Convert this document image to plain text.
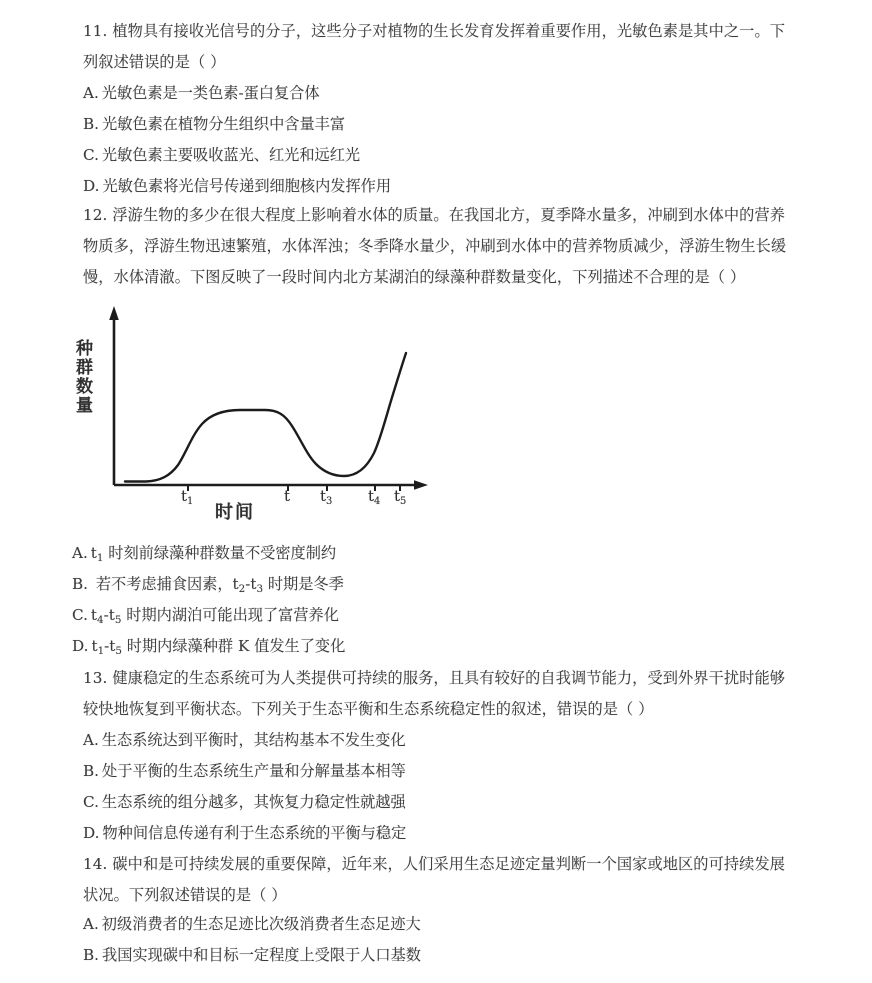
11. 植物具有接收光信号的分子，这些分子对植物的生长发育发挥着重要作用，光敏色素是其中之一。下
列叙述错误的是（ ）
A. 光敏色素是一类色素-蛋白复合体
B. 光敏色素在植物分生组织中含量丰富
C. 光敏色素主要吸收蓝光、红光和远红光
D. 光敏色素将光信号传递到细胞核内发挥作用
12. 浮游生物的多少在很大程度上影响着水体的质量。在我国北方，夏季降水量多，冲刷到水体中的营养
物质多，浮游生物迅速繁殖，水体浑浊；冬季降水量少，冲刷到水体中的营养物质减少，浮游生物生长缓
慢，水体清澈。下图反映了一段时间内北方某湖泊的绿藻种群数量变化，下列描述不合理的是（ ）
种
群
数
量
$t_1$	t $t_3$ $t_4$ $t_5$
时间
A. $t_1$ 时刻前绿藻种群数量不受密度制约
B. 若不考虑捕食因素，$t_2-t_3$ 时期是冬季
C. $t_4-t_5$ 时期内湖泊可能出现了富营养化
D. $t_1-t_5$ 时期内绿藻种群 K 值发生了变化
13. 健康稳定的生态系统可为人类提供可持续的服务，且具有较好的自我调节能力，受到外界干扰时能够
较快地恢复到平衡状态。下列关于生态平衡和生态系统稳定性的叙述，错误的是（ ）
A. 生态系统达到平衡时，其结构基本不发生变化
B. 处于平衡的生态系统生产量和分解量基本相等
C. 生态系统的组分越多，其恢复力稳定性就越强
D. 物种间信息传递有利于生态系统的平衡与稳定
14. 碳中和是可持续发展的重要保障，近年来，人们采用生态足迹定量判断一个国家或地区的可持续发展
状况。下列叙述错误的是（ ）
A. 初级消费者的生态足迹比次级消费者生态足迹大
B. 我国实现碳中和目标一定程度上受限于人口基数
